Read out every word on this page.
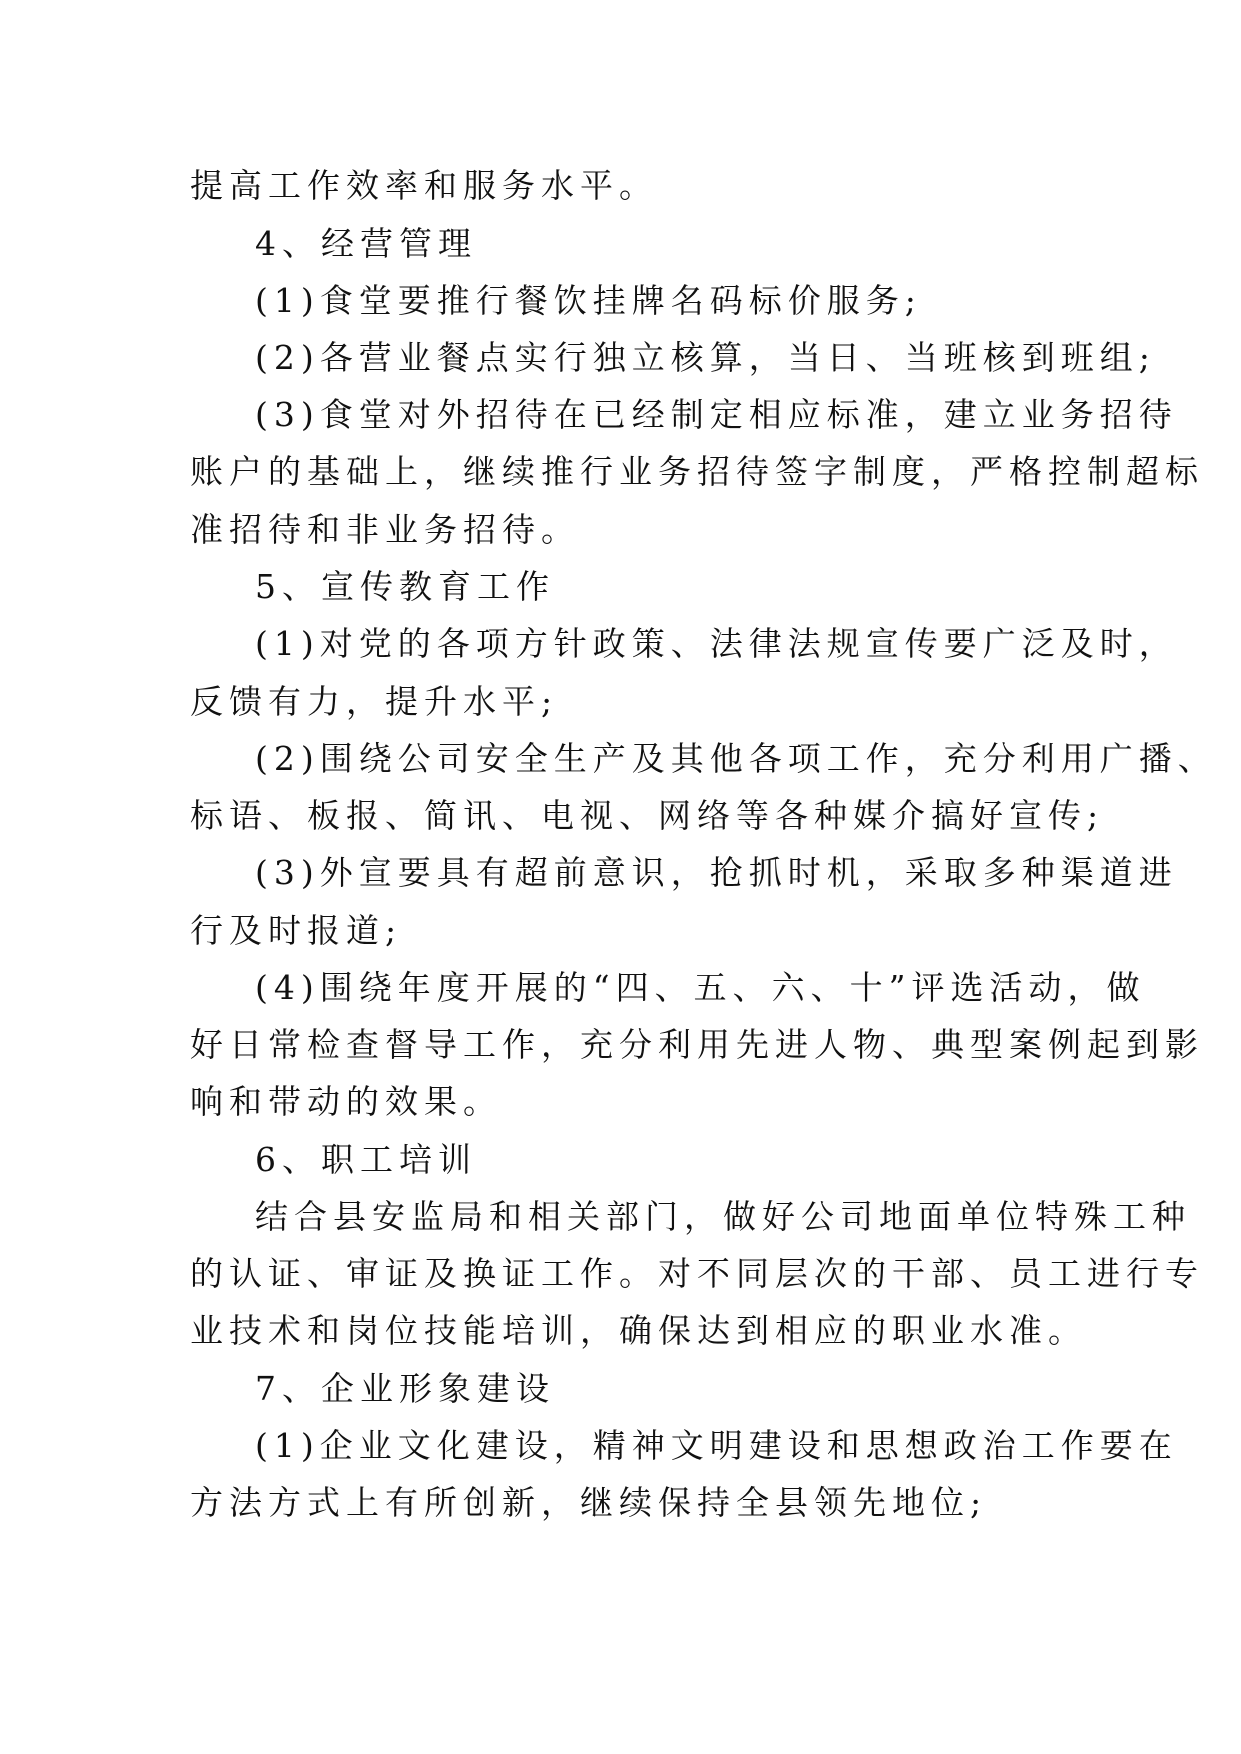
提高工作效率和服务水平。
4、经营管理
(1)食堂要推行餐饮挂牌名码标价服务;
(2)各营业餐点实行独立核算，当日、当班核到班组;
(3)食堂对外招待在已经制定相应标准，建立业务招待
账户的基础上，继续推行业务招待签字制度，严格控制超标
准招待和非业务招待。
5、宣传教育工作
(1)对党的各项方针政策、法律法规宣传要广泛及时，
反馈有力，提升水平;
(2)围绕公司安全生产及其他各项工作，充分利用广播、
标语、板报、简讯、电视、网络等各种媒介搞好宣传;
(3)外宣要具有超前意识，抢抓时机，采取多种渠道进
行及时报道;
(4)围绕年度开展的“四、五、六、十”评选活动，做
好日常检查督导工作，充分利用先进人物、典型案例起到影
响和带动的效果。
6、职工培训
结合县安监局和相关部门，做好公司地面单位特殊工种
的认证、审证及换证工作。对不同层次的干部、员工进行专
业技术和岗位技能培训，确保达到相应的职业水准。
7、企业形象建设
(1)企业文化建设，精神文明建设和思想政治工作要在
方法方式上有所创新，继续保持全县领先地位;
